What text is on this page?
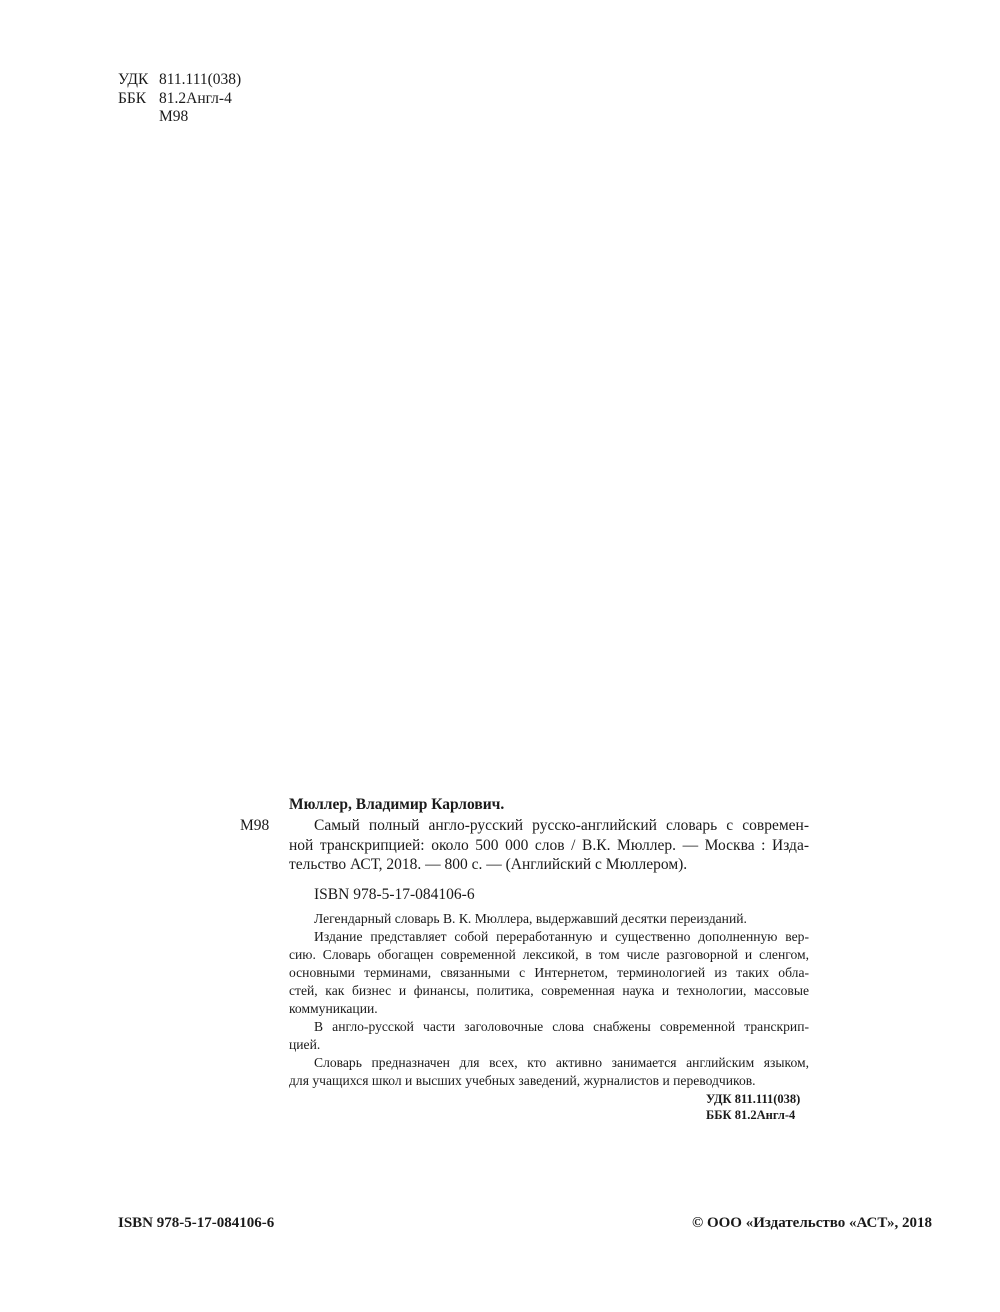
УДК 811.111(038)
ББК 81.2Англ-4
М98
Мюллер, Владимир Карлович.
М98	Самый полный англо-русский русско-английский словарь с современ-
ной транскрипцией: около 500 000 слов / В.К. Мюллер. — Москва : Изда-
тельство АСТ, 2018. — 800 с. — (Английский с Мюллером).
ISBN 978-5-17-084106-6
Легендарный словарь В. К. Мюллера, выдержавший десятки переизданий.
Издание представляет собой переработанную и существенно дополненную вер-
сию. Словарь обогащен современной лексикой, в том числе разговорной и сленгом,
основными терминами, связанными с Интернетом, терминологией из таких обла-
стей, как бизнес и финансы, политика, современная наука и технологии, массовые
коммуникации.
В англо-русской части заголовочные слова снабжены современной транскрип-
цией.
Словарь предназначен для всех, кто активно занимается английским языком,
для учащихся школ и высших учебных заведений, журналистов и переводчиков.
УДК 811.111(038)
ББК 81.2Англ-4
ISBN 978-5-17-084106-6	© ООО «Издательство «АСТ», 2018
